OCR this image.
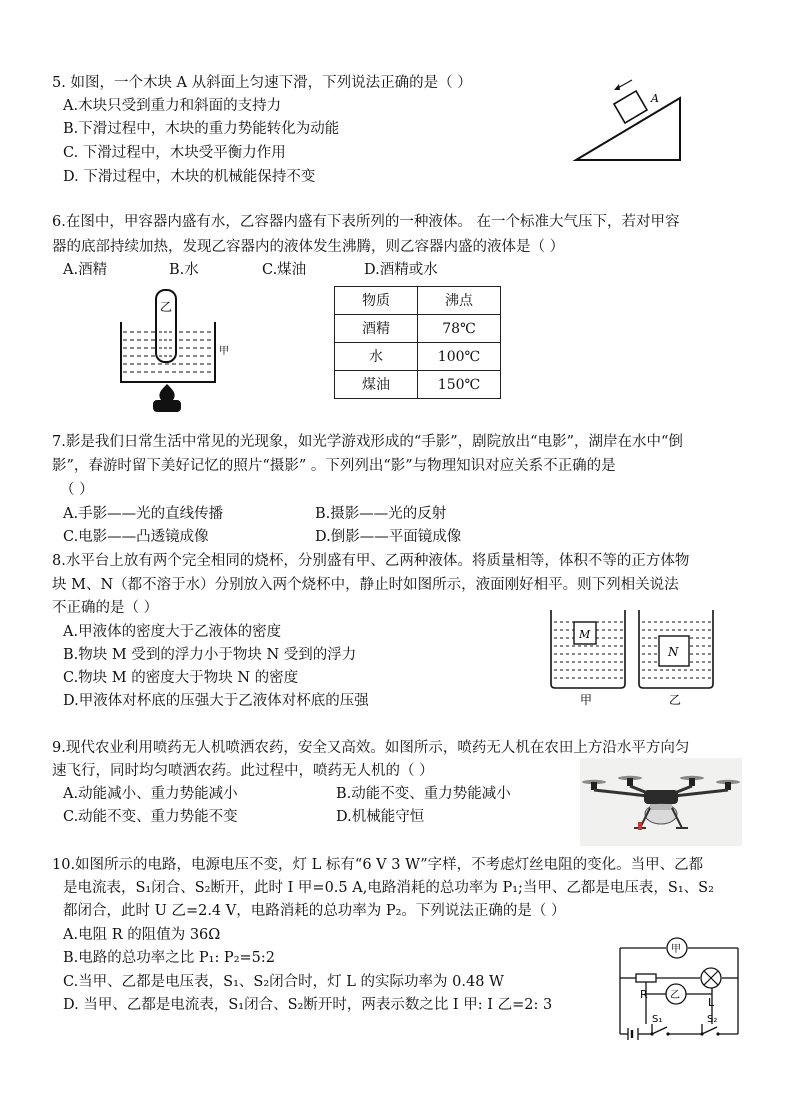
5. 如图，一个木块 A 从斜面上匀速下滑，下列说法正确的是（ ）
A.木块只受到重力和斜面的支持力
B.下滑过程中，木块的重力势能转化为动能
C. 下滑过程中，木块受平衡力作用
D. 下滑过程中，木块的机械能保持不变
A
6.在图中，甲容器内盛有水，乙容器内盛有下表所列的一种液体。 在一个标准大气压下，若对甲容
器的底部持续加热，发现乙容器内的液体发生沸腾，则乙容器内盛的液体是（ ）
A.酒精	B.水	C.煤油	D.酒精或水
乙
甲
物质	沸点
酒精	78℃
水	100℃
煤油	150℃
7.影是我们日常生活中常见的光现象，如光学游戏形成的“手影”，剧院放出“电影”，湖岸在水中“倒
影”，春游时留下美好记忆的照片“摄影” 。下列列出“影”与物理知识对应关系不正确的是
（ ）
A.手影——光的直线传播	B.摄影——光的反射
C.电影——凸透镜成像	D.倒影——平面镜成像
8.水平台上放有两个完全相同的烧杯，分别盛有甲、乙两种液体。将质量相等，体积不等的正方体物
块 M、N（都不溶于水）分别放入两个烧杯中，静止时如图所示，液面刚好相平。则下列相关说法
不正确的是（ ）
A.甲液体的密度大于乙液体的密度
B.物块 M 受到的浮力小于物块 N 受到的浮力
C.物块 M 的密度大于物块 N 的密度
D.甲液体对杯底的压强大于乙液体对杯底的压强
M
N
甲	乙
9.现代农业利用喷药无人机喷洒农药，安全又高效。如图所示，喷药无人机在农田上方沿水平方向匀
速飞行，同时均匀喷洒农药。此过程中，喷药无人机的（ ）
A.动能减小、重力势能减小	B.动能不变、重力势能减小
C.动能不变、重力势能不变	D.机械能守恒
10.如图所示的电路，电源电压不变，灯 L 标有“6 V 3 W”字样，不考虑灯丝电阻的变化。当甲、乙都
是电流表，S₁闭合、S₂断开，此时 I 甲=0.5 A,电路消耗的总功率为 P₁;当甲、乙都是电压表，S₁、S₂
都闭合，此时 U 乙=2.4 V，电路消耗的总功率为 P₂。下列说法正确的是（ ）
A.电阻 R 的阻值为 36Ω
B.电路的总功率之比 P₁: P₂=5:2
C.当甲、乙都是电压表，S₁、S₂闭合时，灯 L 的实际功率为 0.48 W
D. 当甲、乙都是电流表，S₁闭合、S₂断开时，两表示数之比 I 甲: I 乙=2: 3
甲
R
L
乙
S₁	S₂
